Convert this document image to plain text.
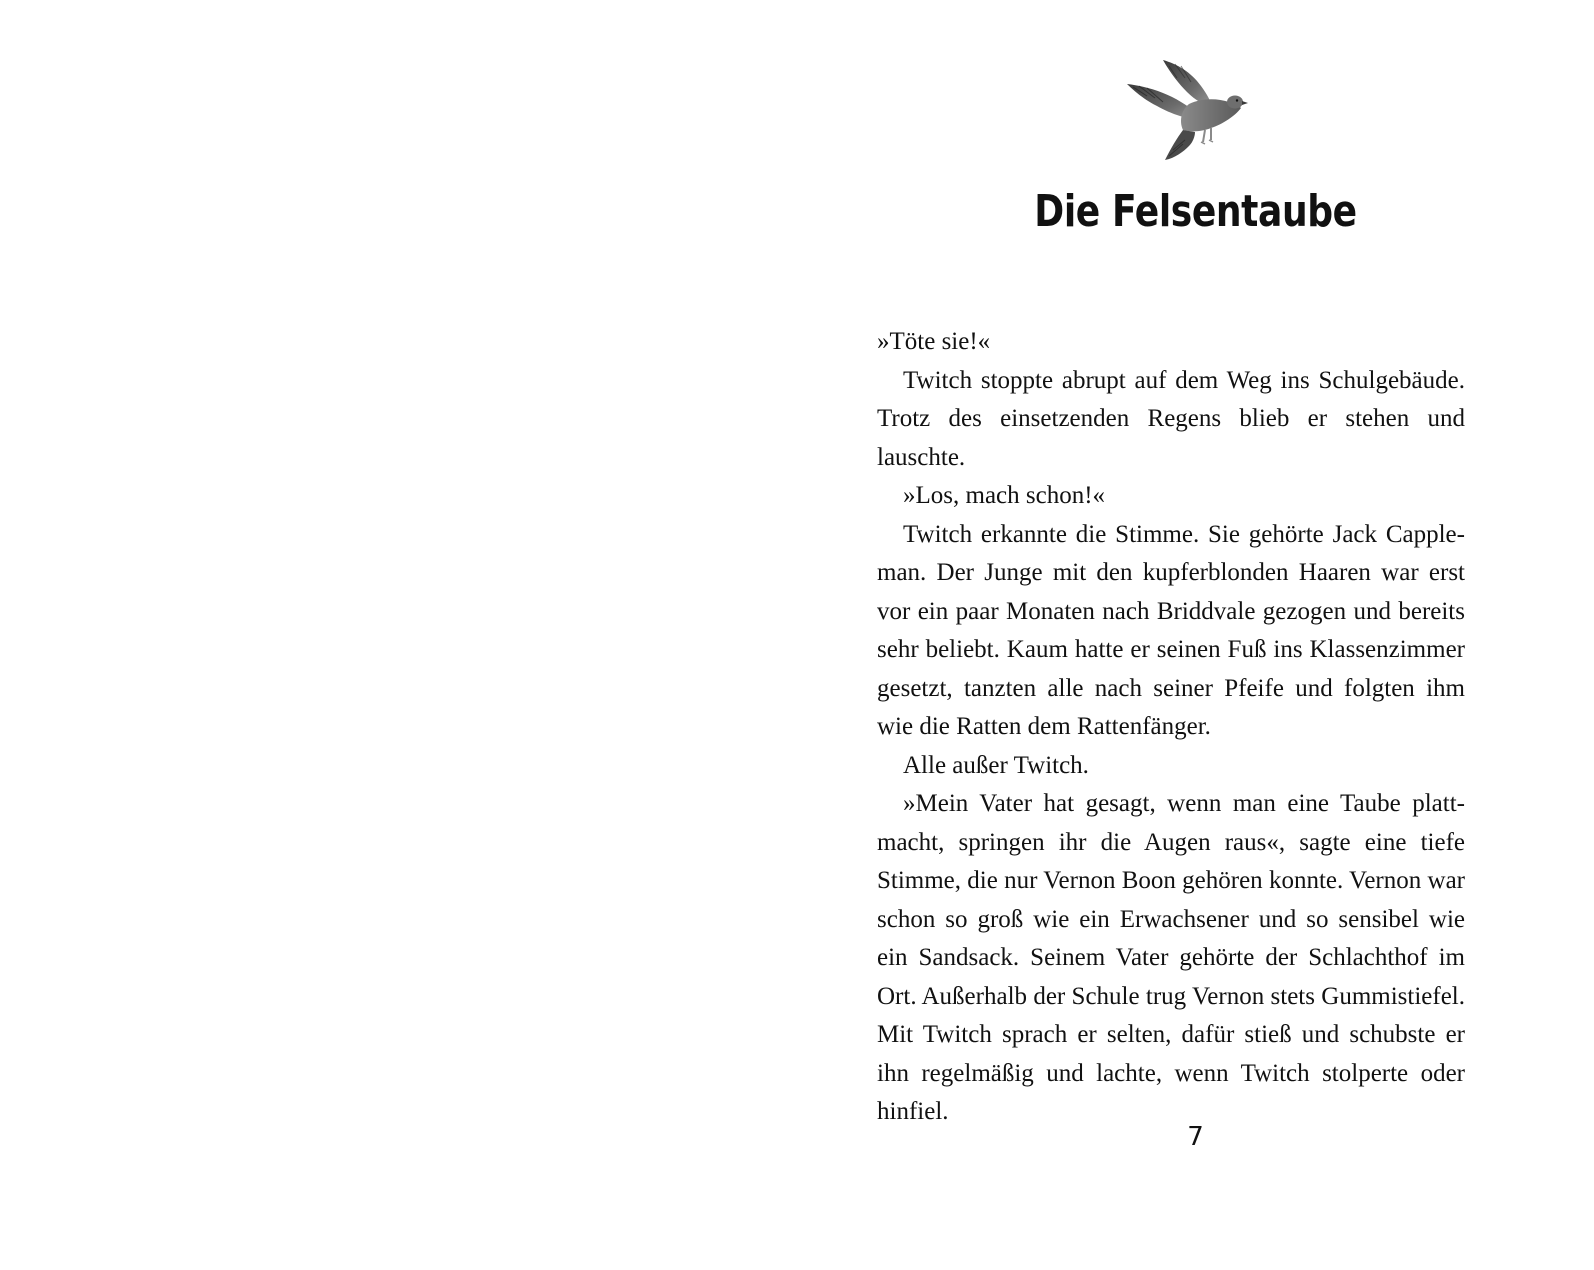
Die Felsentaube

»Töte sie!«

Twitch stoppte abrupt auf dem Weg ins Schulgebäude. Trotz des einsetzenden Regens blieb er stehen und lauschte.

»Los, mach schon!«

Twitch erkannte die Stimme. Sie gehörte Jack Cappleman. Der Junge mit den kupferblonden Haaren war erst vor ein paar Monaten nach Briddvale gezogen und bereits sehr beliebt. Kaum hatte er seinen Fuß ins Klassenzimmer gesetzt, tanzten alle nach seiner Pfeife und folgten ihm wie die Ratten dem Rattenfänger.

Alle außer Twitch.

»Mein Vater hat gesagt, wenn man eine Taube plattmacht, springen ihr die Augen raus«, sagte eine tiefe Stimme, die nur Vernon Boon gehören konnte. Vernon war schon so groß wie ein Erwachsener und so sensibel wie ein Sandsack. Seinem Vater gehörte der Schlachthof im Ort. Außerhalb der Schule trug Vernon stets Gummistiefel. Mit Twitch sprach er selten, dafür stieß und schubste er ihn regelmäßig und lachte, wenn Twitch stolperte oder hinfiel.

7
